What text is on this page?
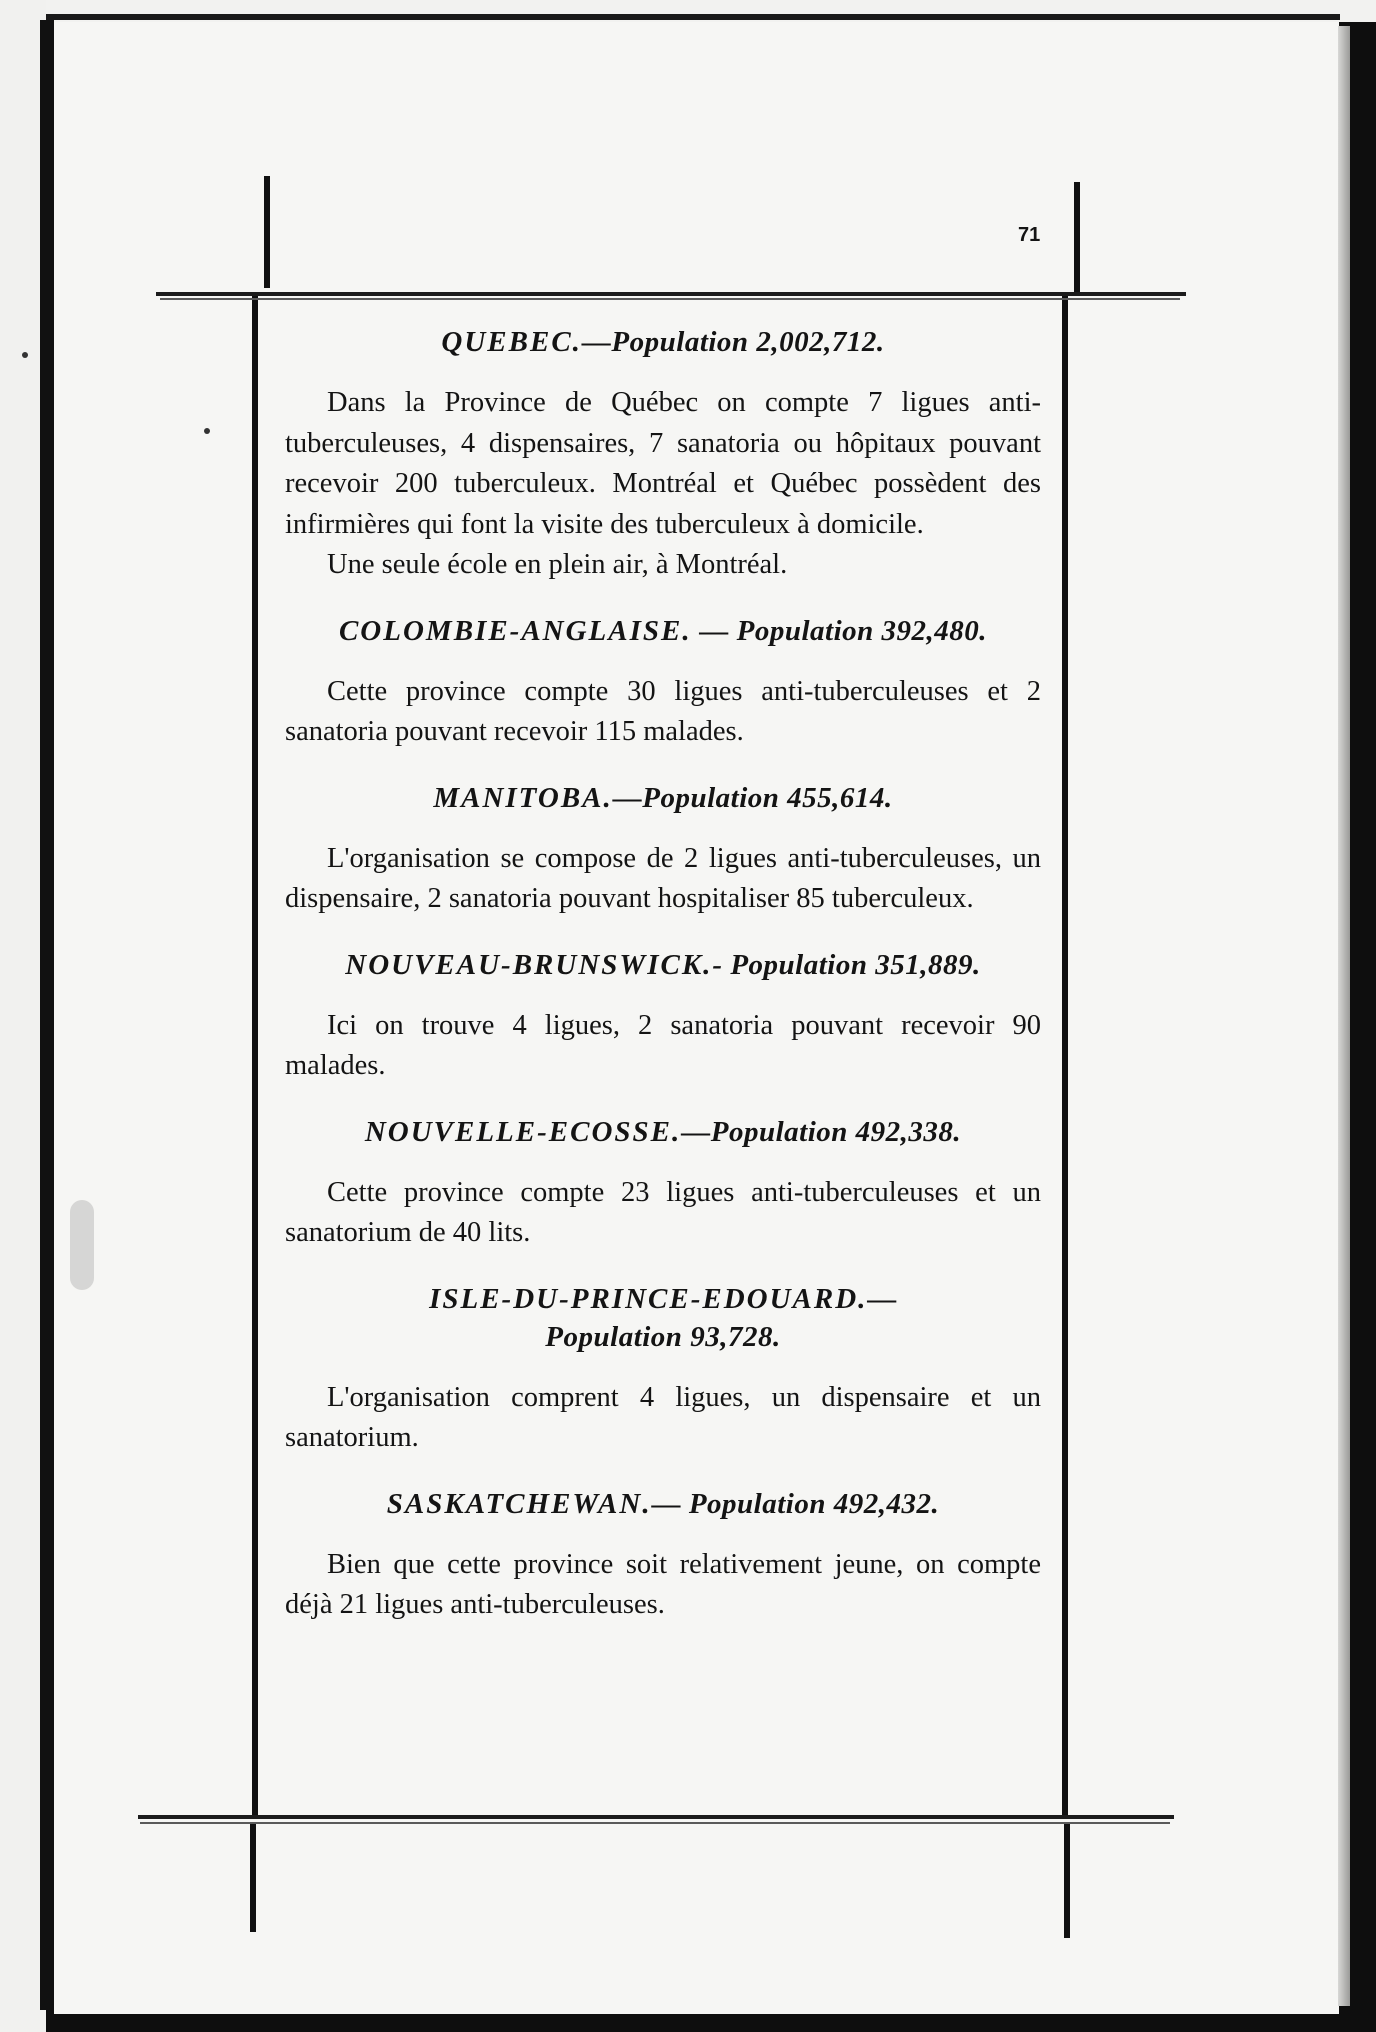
71

QUEBEC.—Population 2,002,712.

Dans la Province de Québec on compte 7 ligues anti-tuberculeuses, 4 dispensaires, 7 sanatoria ou hôpitaux pouvant recevoir 200 tuberculeux. Montréal et Québec possèdent des infirmières qui font la visite des tuberculeux à domicile.

Une seule école en plein air, à Montréal.

COLOMBIE-ANGLAISE. — Population 392,480.

Cette province compte 30 ligues anti-tuberculeuses et 2 sanatoria pouvant recevoir 115 malades.

MANITOBA.—Population 455,614.

L'organisation se compose de 2 ligues anti-tuberculeuses, un dispensaire, 2 sanatoria pouvant hospitaliser 85 tuberculeux.

NOUVEAU-BRUNSWICK.- Population 351,889.

Ici on trouve 4 ligues, 2 sanatoria pouvant recevoir 90 malades.

NOUVELLE-ECOSSE.—Population 492,338.

Cette province compte 23 ligues anti-tuberculeuses et un sanatorium de 40 lits.

ISLE-DU-PRINCE-EDOUARD.—
Population 93,728.

L'organisation comprent 4 ligues, un dispensaire et un sanatorium.

SASKATCHEWAN.— Population 492,432.

Bien que cette province soit relativement jeune, on compte déjà 21 ligues anti-tuberculeuses.
